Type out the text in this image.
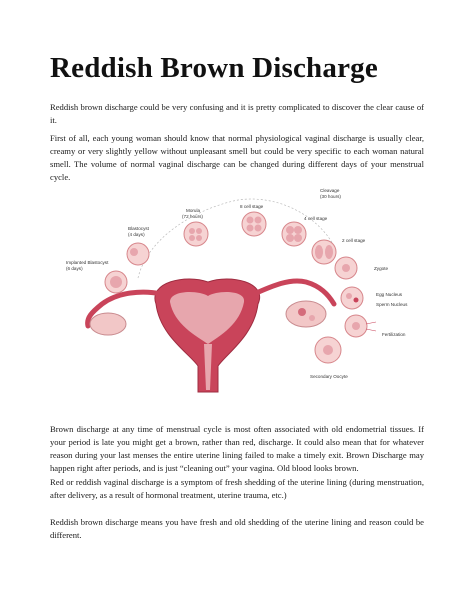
Reddish Brown Discharge

Reddish brown discharge could be very confusing and it is pretty complicated to discover the clear cause of it.

First of all, each young woman should know that normal physiological vaginal discharge is usually clear, creamy or very slightly yellow without unpleasant smell but could be very specific to each woman natural smell. The volume of normal vaginal discharge can be changed during different days of your menstrual cycle.

Implanted Blastocyst
(6 days)
Blastocyst
(4 days)
Morula
(72 hours)
8 cell stage
4 cell stage
Cleavage
(30 hours)
2 cell stage
Zygote
Egg Nucleus
Sperm Nucleus
Fertilization
Secondary Oocyte

Brown discharge at any time of menstrual cycle is most often associated with old endometrial tissues. If your period is late you might get a brown, rather than red, discharge. It could also mean that for whatever reason during your last menses the entire uterine lining failed to make a timely exit. Brown Discharge may happen right after periods, and is just “cleaning out” your vagina. Old blood looks brown.

Red or reddish vaginal discharge is a symptom of fresh shedding of the uterine lining (during menstruation, after delivery, as a result of hormonal treatment, uterine trauma, etc.)

Reddish brown discharge means you have fresh and old shedding of the uterine lining and reason could be different.
